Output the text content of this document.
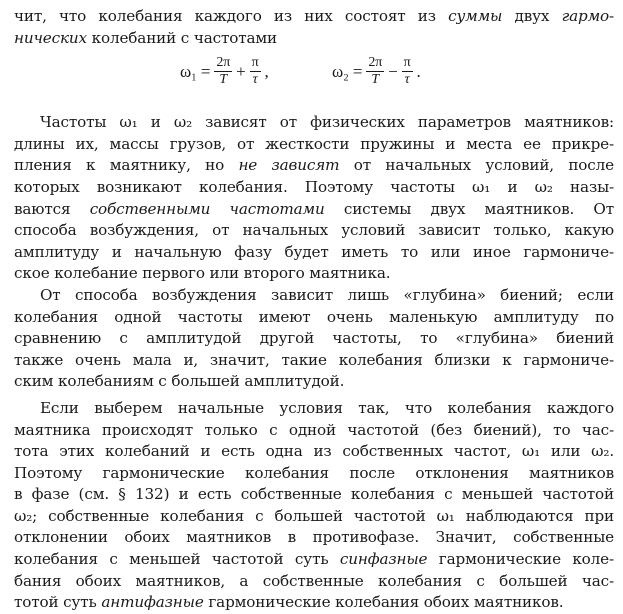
чит, что колебания каждого из них состоят из суммы двух гармо-
нических колебаний с частотами
$\omega_1 = \frac{2\pi}{T} + \frac{\pi}{\tau}$ ,	$\omega_2 = \frac{2\pi}{T} - \frac{\pi}{\tau}$ .
Частоты ω₁ и ω₂ зависят от физических параметров маятников:
длины их, массы грузов, от жесткости пружины и места ее прикре-
пления к маятнику, но не зависят от начальных условий, после
которых возникают колебания. Поэтому частоты ω₁ и ω₂ назы-
ваются собственными частотами системы двух маятников. От
способа возбуждения, от начальных условий зависит только, какую
амплитуду и начальную фазу будет иметь то или иное гармониче-
ское колебание первого или второго маятника.
От способа возбуждения зависит лишь «глубина» биений; если
колебания одной частоты имеют очень маленькую амплитуду по
сравнению с амплитудой другой частоты, то «глубина» биений
также очень мала и, значит, такие колебания близки к гармониче-
ским колебаниям с большей амплитудой.
Если выберем начальные условия так, что колебания каждого
маятника происходят только с одной частотой (без биений), то час-
тота этих колебаний и есть одна из собственных частот, ω₁ или ω₂.
Поэтому гармонические колебания после отклонения маятников
в фазе (см. § 132) и есть собственные колебания с меньшей частотой
ω₂; собственные колебания с большей частотой ω₁ наблюдаются при
отклонении обоих маятников в противофазе. Значит, собственные
колебания с меньшей частотой суть синфазные гармонические коле-
бания обоих маятников, а собственные колебания с большей час-
тотой суть антифазные гармонические колебания обоих маятников.
